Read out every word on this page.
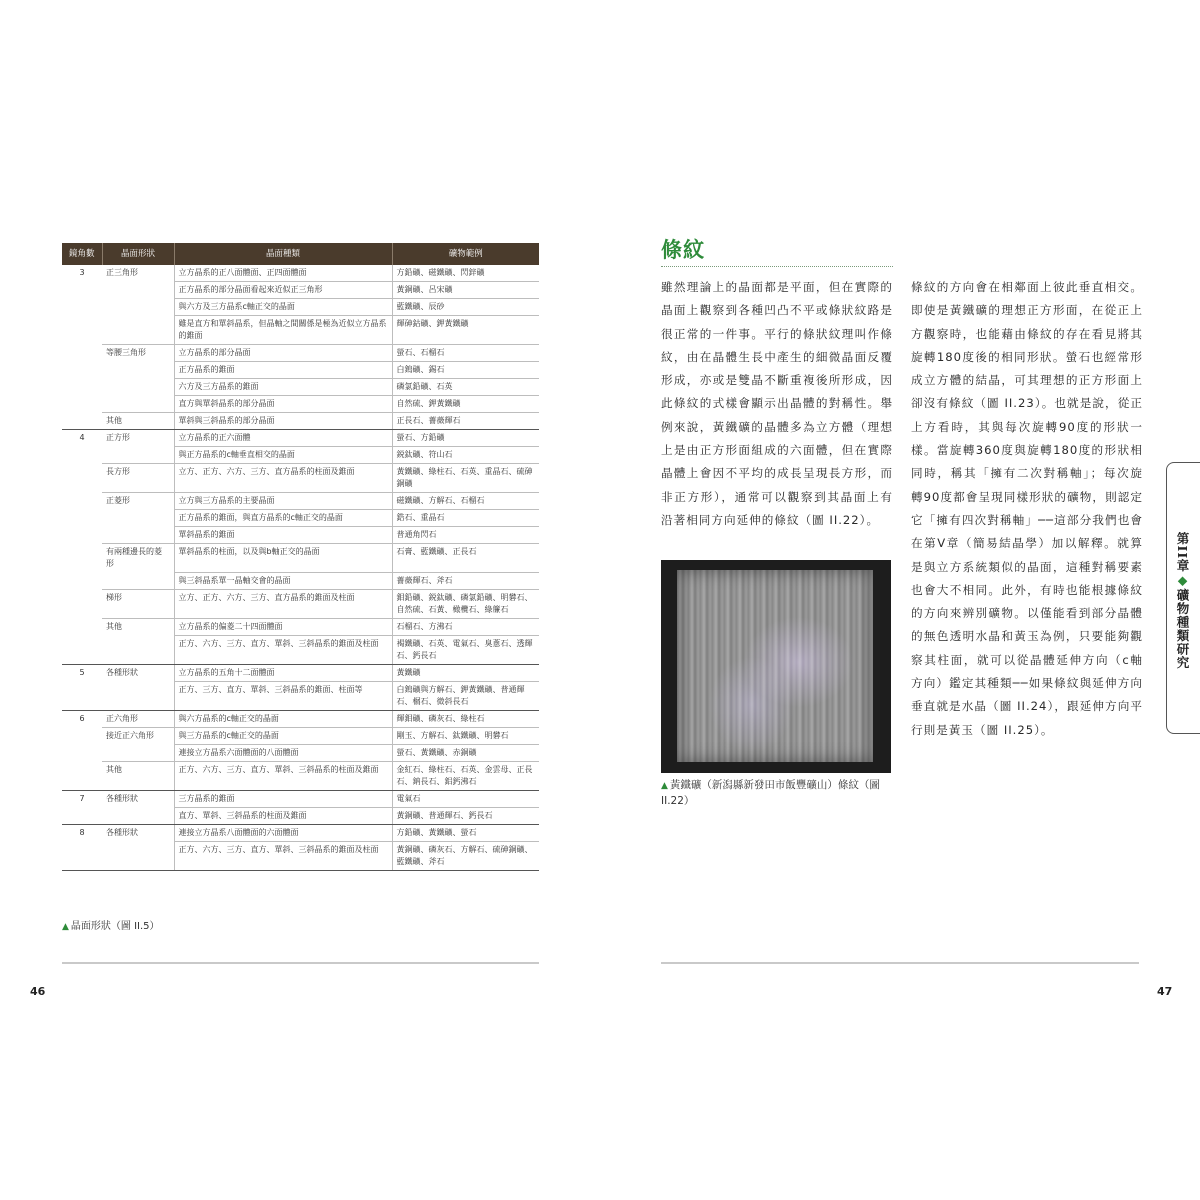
鏡角數	晶面形狀	晶面種類	礦物範例
3	正三角形	立方晶系的正八面體面、正四面體面	方鉛礦、磁鐵礦、閃鋅礦
		正方晶系的部分晶面看起來近似正三角形	黃銅礦、呂宋礦
		與六方及三方晶系c軸正交的晶面	藍鐵礦、辰砂
		雖是直方和單斜晶系，但晶軸之間關係是極為近似立方晶系的錐面	輝砷鈷礦、鉀黃鐵礦
	等腰三角形	立方晶系的部分晶面	螢石、石榴石
		正方晶系的錐面	白鎢礦、錫石
		六方及三方晶系的錐面	磷氯鉛礦、石英
		直方與單斜晶系的部分晶面	自然硫、鉀黃鐵礦
	其他	單斜與三斜晶系的部分晶面	正長石、薔薇輝石
4	正方形	立方晶系的正六面體	螢石、方鉛礦
		與正方晶系的c軸垂直相交的晶面	鋭鈦礦、符山石
	長方形	立方、正方、六方、三方、直方晶系的柱面及錐面	黃鐵礦、綠柱石、石英、重晶石、硫砷銅礦
	正菱形	立方與三方晶系的主要晶面	磁鐵礦、方解石、石榴石
		正方晶系的錐面，與直方晶系的c軸正交的晶面	鋯石、重晶石
		單斜晶系的錐面	普通角閃石
	有兩種邊長的菱形	單斜晶系的柱面，以及與b軸正交的晶面	石膏、藍鐵礦、正長石
		與三斜晶系單一晶軸交會的晶面	薔薇輝石、斧石
	梯形	立方、正方、六方、三方、直方晶系的錐面及柱面	鉬鉛礦、鋭鈦礦、磷氯鉛礦、明礬石、自然硫、石黃、橄欖石、綠簾石
	其他	立方晶系的偏菱二十四面體面	石榴石、方沸石
		正方、六方、三方、直方、單斜、三斜晶系的錐面及柱面	褐鐵礦、石英、電氣石、臭蔥石、透輝石、鈣長石
5	各種形狀	立方晶系的五角十二面體面	黃鐵礦
		正方、三方、直方、單斜、三斜晶系的錐面、柱面等	白鎢礦與方解石、鉀黃鐵礦、普通輝石、榍石、微斜長石
6	正六角形	與六方晶系的c軸正交的晶面	輝鉬礦、磷灰石、綠柱石
	接近正六角形	與三方晶系的c軸正交的晶面	剛玉、方解石、鈦鐵礦、明礬石
		連接立方晶系六面體面的八面體面	螢石、黃鐵礦、赤銅礦
	其他	正方、六方、三方、直方、單斜、三斜晶系的柱面及錐面	金紅石、綠柱石、石英、金雲母、正長石、鈉長石、鋁鈣沸石
7	各種形狀	三方晶系的錐面	電氣石
		直方、單斜、三斜晶系的柱面及錐面	黃銅礦、普通輝石、鈣長石
8	各種形狀	連接立方晶系八面體面的六面體面	方鉛礦、黃鐵礦、螢石
		正方、六方、三方、直方、單斜、三斜晶系的錐面及柱面	黃銅礦、磷灰石、方解石、硫砷銅礦、藍鐵礦、斧石
▲ 晶面形狀（圖 II.5）
46
條紋

雖然理論上的晶面都是平面，但在實際的晶面上觀察到各種凹凸不平或條狀紋路是很正常的一件事。平行的條狀紋理叫作條紋，由在晶體生長中產生的細微晶面反覆形成，亦或是雙晶不斷重複後所形成，因此條紋的式樣會顯示出晶體的對稱性。舉例來說，黃鐵礦的晶體多為立方體（理想上是由正方形面組成的六面體，但在實際晶體上會因不平均的成長呈現長方形，而非正方形），通常可以觀察到其晶面上有沿著相同方向延伸的條紋（圖 II.22）。

條紋的方向會在相鄰面上彼此垂直相交。即使是黃鐵礦的理想正方形面，在從正上方觀察時，也能藉由條紋的存在看見將其旋轉180度後的相同形狀。螢石也經常形成立方體的結晶，可其理想的正方形面上卻沒有條紋（圖 II.23）。也就是說，從正上方看時，其與每次旋轉90度的形狀一樣。當旋轉360度與旋轉180度的形狀相同時，稱其「擁有二次對稱軸」；每次旋轉90度都會呈現同樣形狀的礦物，則認定它「擁有四次對稱軸」──這部分我們也會在第V章（簡易結晶學）加以解釋。就算是與立方系統類似的晶面，這種對稱要素也會大不相同。此外，有時也能根據條紋的方向來辨別礦物。以僅能看到部分晶體的無色透明水晶和黃玉為例，只要能夠觀察其柱面，就可以從晶體延伸方向（c軸方向）鑑定其種類──如果條紋與延伸方向垂直就是水晶（圖 II.24），跟延伸方向平行則是黃玉（圖 II.25）。

▲ 黃鐵礦（新潟縣新發田市飯豐礦山）條紋（圖 II.22）
第II章◆礦物種類研究
47
